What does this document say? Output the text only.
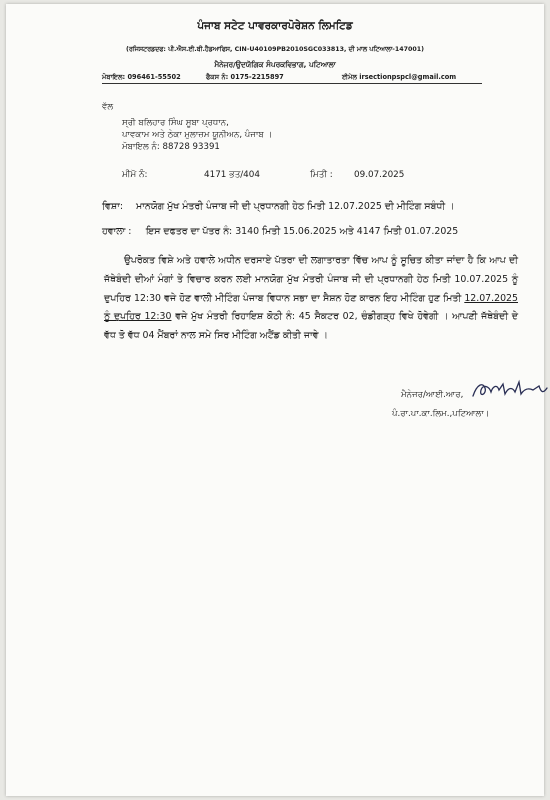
ਪੰਜਾਬ ਸਟੇਟ ਪਾਵਰਕਾਰਪੋਰੇਸ਼ਨ ਲਿਮਟਿਡ
(ਰਜਿਸਟਰਡਦਫ: ਪੀ.ਐਸ.ਈ.ਬੀ.ਹੈਡਆਫਿਸ, CIN-U40109PB2010SGC033813, ਦੀ ਮਾਲ ਪਟਿਆਲਾ-147001)
ਮੈਨੇਜਰ/ਉਦਯੋਗਿਕ ਸੰਪਰਕਵਿਭਾਗ, ਪਟਿਆਲਾ
ਮੋਬਾਇਲ: 096461-55502	ਫੈਕਸ ਨੰ: 0175-2215897	ਈਮੇਲ irsectionpspcl@gmail.com
ਵੱਲ
ਸ੍ਰੀ ਬਲਿਹਾਰ ਸਿੰਘ ਸੂਬਾ ਪ੍ਰਧਾਨ,
ਪਾਵਕਾਮ ਅਤੇ ਠੇਕਾ ਮੁਲਾਜ਼ਮ ਯੂਨੀਅਨ, ਪੰਜਾਬ ।
ਮੋਬਾਇਲ ਨੰ: 88728 93391
ਮੀਮੋ ਨੰ:	4171 ਭਤ/404	ਮਿਤੀ : 09.07.2025
ਵਿਸ਼ਾ: ਮਾਨਯੋਗ ਮੁੱਖ ਮੰਤਰੀ ਪੰਜਾਬ ਜੀ ਦੀ ਪ੍ਰਧਾਨਗੀ ਹੇਠ ਮਿਤੀ 12.07.2025 ਦੀ ਮੀਟਿੰਗ ਸਬੰਧੀ ।
ਹਵਾਲਾ : ਇਸ ਦਫਤਰ ਦਾ ਪੱਤਰ ਨੰ: 3140 ਮਿਤੀ 15.06.2025 ਅਤੇ 4147 ਮਿਤੀ 01.07.2025
ਉਪਰੋਕਤ ਵਿਸ਼ੇ ਅਤੇ ਹਵਾਲੇ ਅਧੀਨ ਦਰਸਾਏ ਪੱਤਰਾ ਦੀ ਲਗਾਤਾਰਤਾ ਵਿੱਚ ਆਪ ਨੂੰ ਸੂਚਿਤ ਕੀਤਾ ਜਾਂਦਾ ਹੈ ਕਿ ਆਪ ਦੀ ਜੱਥੇਬੰਦੀ ਦੀਆਂ ਮੰਗਾਂ ਤੇ ਵਿਚਾਰ ਕਰਨ ਲਈ ਮਾਨਯੋਗ ਮੁੱਖ ਮੰਤਰੀ ਪੰਜਾਬ ਜੀ ਦੀ ਪ੍ਰਧਾਨਗੀ ਹੇਠ ਮਿਤੀ 10.07.2025 ਨੂੰ ਦੁਪਹਿਰ 12:30 ਵਜੇ ਹੋਣ ਵਾਲੀ ਮੀਟਿੰਗ ਪੰਜਾਬ ਵਿਧਾਨ ਸਭਾ ਦਾ ਸੈਸ਼ਨ ਹੋਣ ਕਾਰਨ ਇਹ ਮੀਟਿੰਗ ਹੁਣ ਮਿਤੀ 12.07.2025 ਨੂੰ ਦੁਪਹਿਰ 12:30 ਵਜੇ ਮੁੱਖ ਮੰਤਰੀ ਰਿਹਾਇਸ਼ ਕੋਠੀ ਨੰ: 45 ਸੈਕਟਰ 02, ਚੰਡੀਗੜ੍ਹ ਵਿਖੇ ਹੋਵੇਗੀ । ਆਪਣੀ ਜੱਥੇਬੰਦੀ ਦੇ ਵੱਧ ਤੋ ਵੱਧ 04 ਮੈਂਬਰਾਂ ਨਾਲ ਸਮੇ ਸਿਰ ਮੀਟਿੰਗ ਅਟੈਂਡ ਕੀਤੀ ਜਾਵੇ ।
ਮੈਨੇਜਰ/ਆਈ.ਆਰ,
ਪੰ.ਰਾ.ਪਾ.ਕਾ.ਲਿਮ.,ਪਟਿਆਲਾ।
